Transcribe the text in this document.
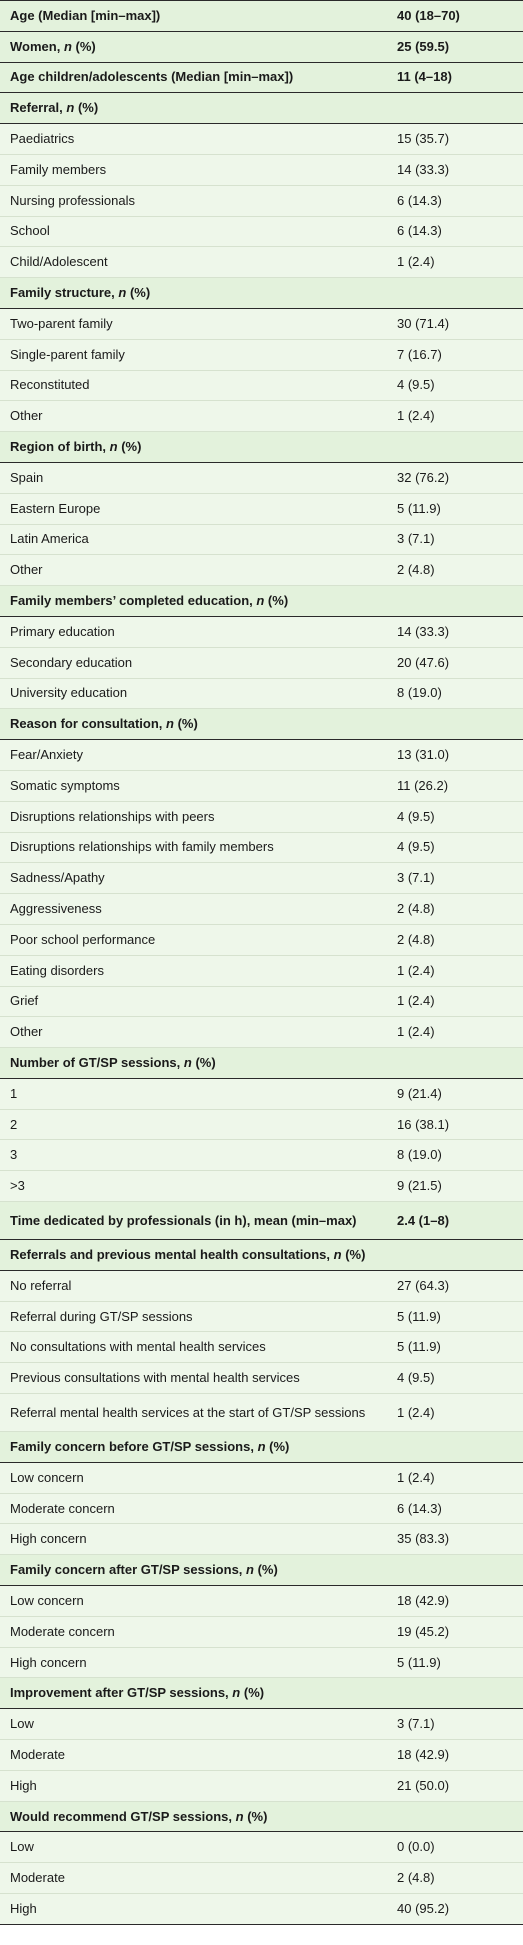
Age (Median [min–max])	40 (18–70)
Women, n (%)	25 (59.5)
Age children/adolescents (Median [min–max])	11 (4–18)
Referral, n (%)	
Paediatrics	15 (35.7)
Family members	14 (33.3)
Nursing professionals	6 (14.3)
School	6 (14.3)
Child/Adolescent	1 (2.4)
Family structure, n (%)	
Two-parent family	30 (71.4)
Single-parent family	7 (16.7)
Reconstituted	4 (9.5)
Other	1 (2.4)
Region of birth, n (%)	
Spain	32 (76.2)
Eastern Europe	5 (11.9)
Latin America	3 (7.1)
Other	2 (4.8)
Family members’ completed education, n (%)	
Primary education	14 (33.3)
Secondary education	20 (47.6)
University education	8 (19.0)
Reason for consultation, n (%)	
Fear/Anxiety	13 (31.0)
Somatic symptoms	11 (26.2)
Disruptions relationships with peers	4 (9.5)
Disruptions relationships with family members	4 (9.5)
Sadness/Apathy	3 (7.1)
Aggressiveness	2 (4.8)
Poor school performance	2 (4.8)
Eating disorders	1 (2.4)
Grief	1 (2.4)
Other	1 (2.4)
Number of GT/SP sessions, n (%)	
1	9 (21.4)
2	16 (38.1)
3	8 (19.0)
>3	9 (21.5)
Time dedicated by professionals (in h), mean (min–max)	2.4 (1–8)
Referrals and previous mental health consultations, n (%)	
No referral	27 (64.3)
Referral during GT/SP sessions	5 (11.9)
No consultations with mental health services	5 (11.9)
Previous consultations with mental health services	4 (9.5)
Referral mental health services at the start of GT/SP sessions	1 (2.4)
Family concern before GT/SP sessions, n (%)	
Low concern	1 (2.4)
Moderate concern	6 (14.3)
High concern	35 (83.3)
Family concern after GT/SP sessions, n (%)	
Low concern	18 (42.9)
Moderate concern	19 (45.2)
High concern	5 (11.9)
Improvement after GT/SP sessions, n (%)	
Low	3 (7.1)
Moderate	18 (42.9)
High	21 (50.0)
Would recommend GT/SP sessions, n (%)	
Low	0 (0.0)
Moderate	2 (4.8)
High	40 (95.2)
